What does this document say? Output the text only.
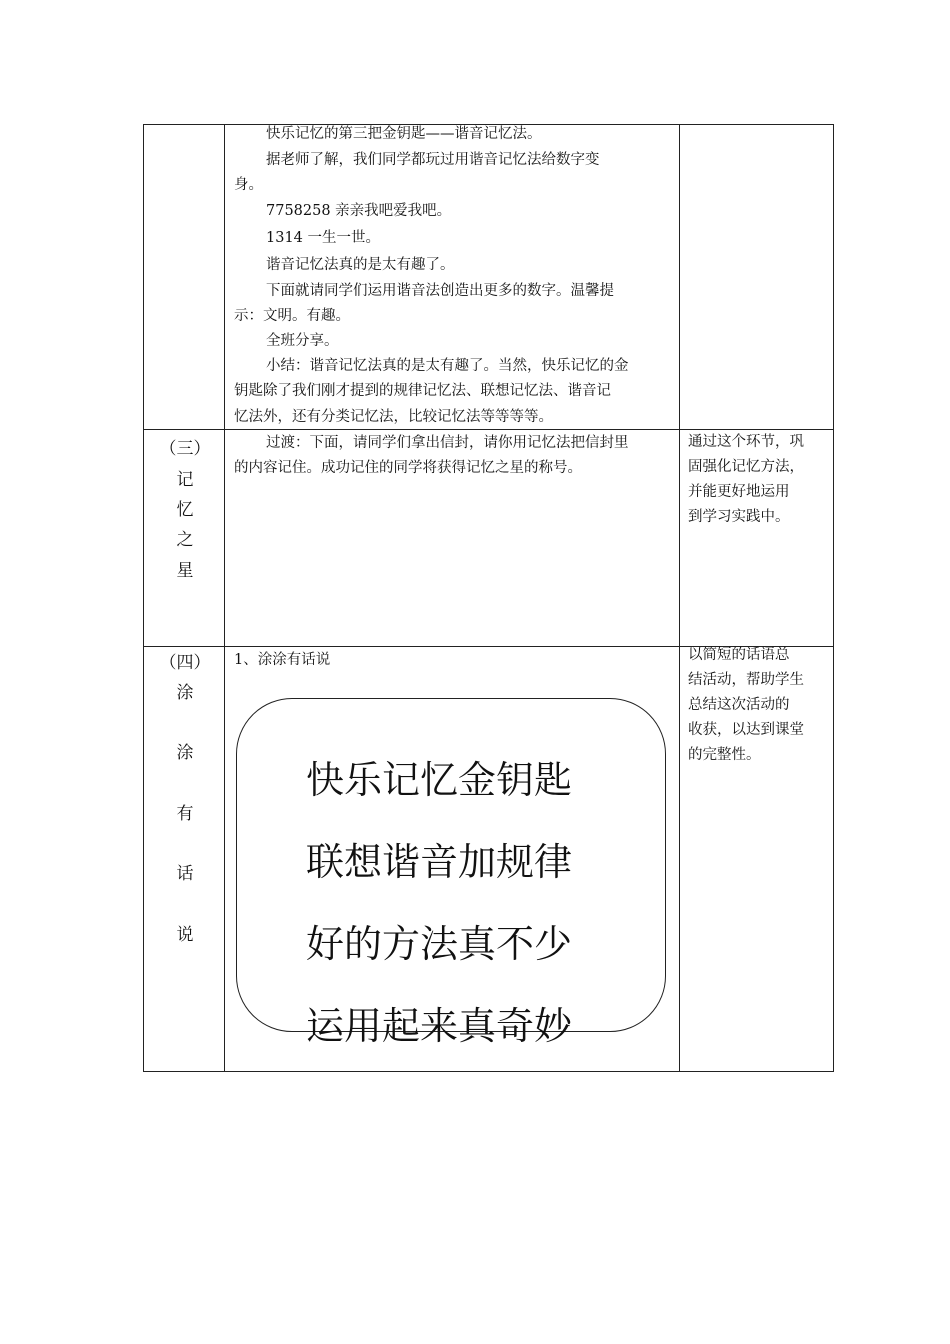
快乐记忆的第三把金钥匙——谐音记忆法。
据老师了解，我们同学都玩过用谐音记忆法给数字变
身。
7758258 亲亲我吧爱我吧。
1314 一生一世。
谐音记忆法真的是太有趣了。
下面就请同学们运用谐音法创造出更多的数字。温馨提
示：文明。有趣。
全班分享。
小结：谐音记忆法真的是太有趣了。当然，快乐记忆的金
钥匙除了我们刚才提到的规律记忆法、联想记忆法、谐音记
忆法外，还有分类记忆法，比较记忆法等等等等。
（三）
记
忆
之
星
过渡：下面，请同学们拿出信封，请你用记忆法把信封里
的内容记住。成功记住的同学将获得记忆之星的称号。
通过这个环节，巩
固强化记忆方法，
并能更好地运用
到学习实践中。
（四）
涂
涂
有
话
说
1、涂涂有话说
快乐记忆金钥匙
联想谐音加规律
好的方法真不少
运用起来真奇妙
以简短的话语总
结活动，帮助学生
总结这次活动的
收获，以达到课堂
的完整性。
